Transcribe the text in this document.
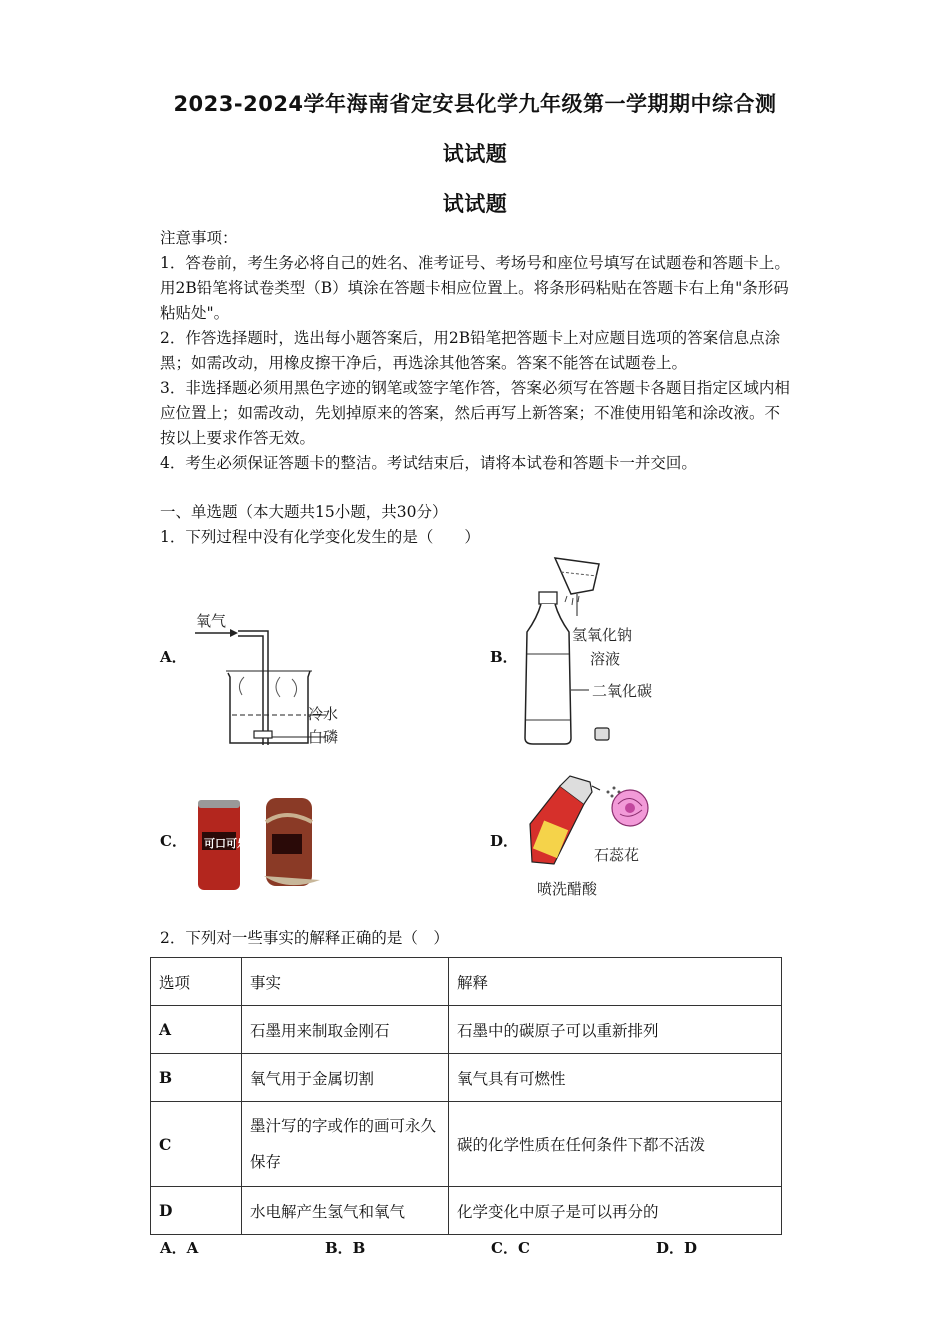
2023-2024学年海南省定安县化学九年级第一学期期中综合测
试试题
试试题

注意事项：

1．答卷前，考生务必将自己的姓名、准考证号、考场号和座位号填写在试题卷和答题卡上。用2B铅笔将试卷类型（B）填涂在答题卡相应位置上。将条形码粘贴在答题卡右上角"条形码粘贴处"。

2．作答选择题时，选出每小题答案后，用2B铅笔把答题卡上对应题目选项的答案信息点涂黑；如需改动，用橡皮擦干净后，再选涂其他答案。答案不能答在试题卷上。

3．非选择题必须用黑色字迹的钢笔或签字笔作答，答案必须写在答题卡各题目指定区域内相应位置上；如需改动，先划掉原来的答案，然后再写上新答案；不准使用铅笔和涂改液。不按以上要求作答无效。

4．考生必须保证答题卡的整洁。考试结束后，请将本试卷和答题卡一并交回。

一、单选题（本大题共15小题，共30分）
1．下列过程中没有化学变化发生的是（　　）
A．
氧气
冷水
白磷
B．
氢氧化钠
溶液
二氧化碳
C． 可口可乐	D．
石蕊花
喷洗醋酸
2．下列对一些事实的解释正确的是（　）
选项	事实	解释
A	石墨用来制取金刚石	石墨中的碳原子可以重新排列
B	氧气用于金属切割	氧气具有可燃性
C	墨汁写的字或作的画可永久保存	碳的化学性质在任何条件下都不活泼
D	水电解产生氢气和氧气	化学变化中原子是可以再分的
A．A	B．B	C．C	D．D
